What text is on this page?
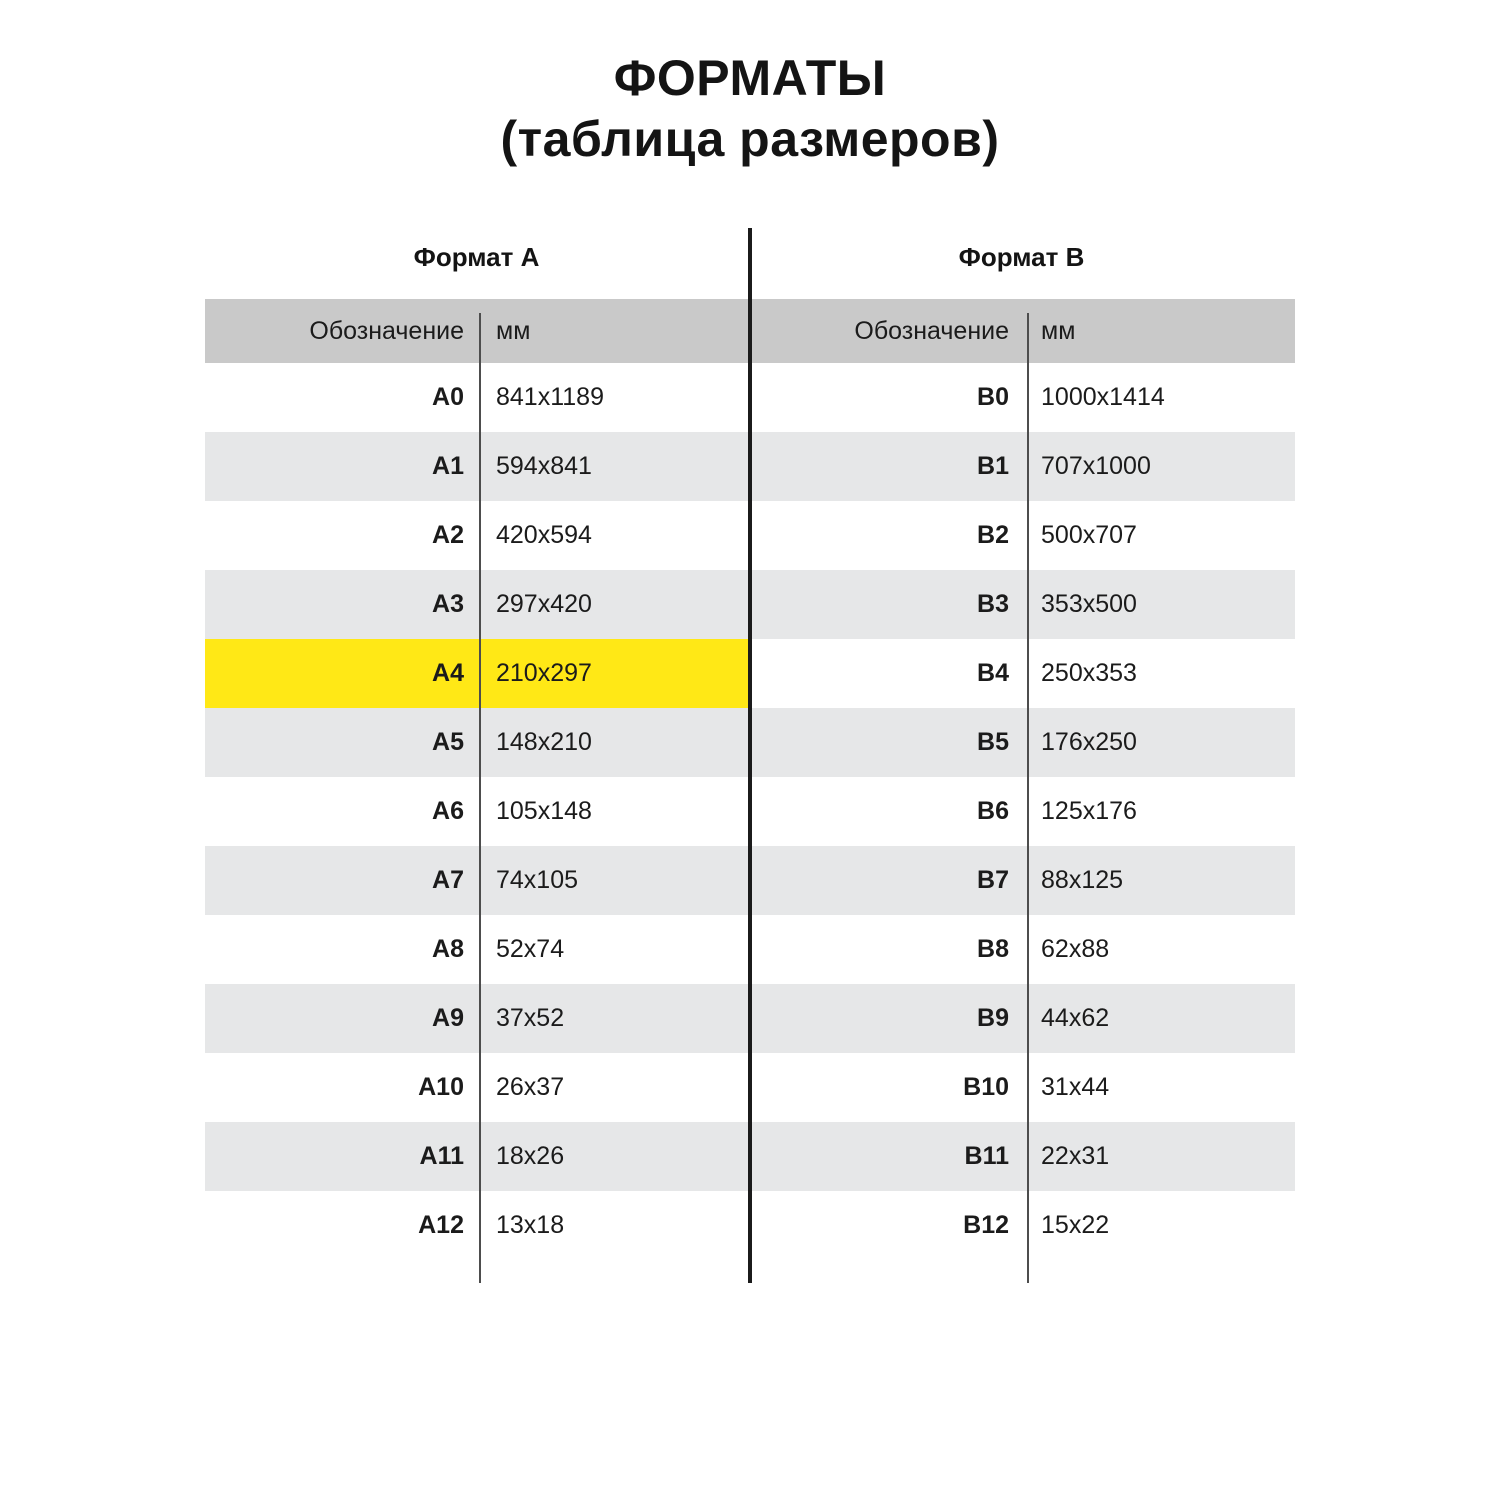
ФОРМАТЫ
(таблица размеров)
Формат A		Формат B	
Обозначение	мм	Обозначение	мм
A0	841x1189	B0	1000x1414
A1	594x841	B1	707x1000
A2	420x594	B2	500x707
A3	297x420	B3	353x500
A4	210x297	B4	250x353
A5	148x210	B5	176x250
A6	105x148	B6	125x176
A7	74x105	B7	88x125
A8	52x74	B8	62x88
A9	37x52	B9	44x62
A10	26x37	B10	31x44
A11	18x26	B11	22x31
A12	13x18	B12	15x22
